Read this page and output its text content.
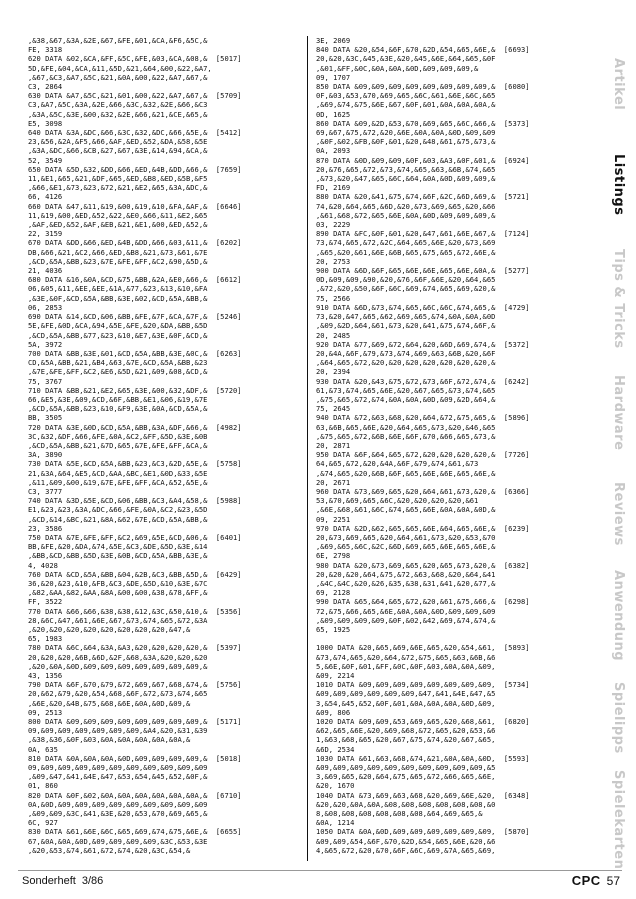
,&38,&67,&3A,&2E,&67,&FE,&01,&CA,&F6,&5C,&
FE, 3318
620 DATA &02,&CA,&FF,&5C,&FE,&03,&CA,&08,&  [5017]
5D,&FE,&04,&CA,&11,&5D,&21,&64,&00,&22,&A7,
,&67,&C3,&A7,&5C,&21,&0A,&00,&22,&A7,&67,&
C3, 2864
630 DATA &A7,&5C,&21,&01,&00,&22,&A7,&67,&  [5709]
C3,&A7,&5C,&3A,&2E,&66,&3C,&32,&2E,&66,&C3
,&3A,&5C,&3E,&00,&32,&2E,&66,&21,&CE,&65,&
E5, 3098
640 DATA &3A,&DC,&66,&3C,&32,&DC,&66,&5E,&  [5412]
23,&56,&2A,&F5,&66,&AF,&ED,&52,&DA,&58,&5E
,&3A,&DC,&66,&CB,&27,&67,&3E,&14,&94,&CA,&
52, 3549
650 DATA &5D,&32,&DD,&66,&ED,&4B,&DD,&66,&  [7659]
11,&E1,&65,&21,&DF,&65,&ED,&B8,&ED,&5B,&F5
,&66,&E1,&73,&23,&72,&21,&E2,&65,&3A,&DC,&
66, 4126
660 DATA &47,&11,&19,&00,&19,&10,&FA,&AF,&  [6646]
11,&19,&00,&ED,&52,&22,&E0,&66,&11,&E2,&65
,&AF,&ED,&52,&AF,&EB,&21,&E1,&00,&ED,&52,&
22, 3159
670 DATA &DD,&66,&ED,&4B,&DD,&66,&03,&11,&  [6202]
DB,&66,&21,&C2,&66,&ED,&B8,&21,&73,&61,&7E
,&CD,&5A,&BB,&23,&7E,&FE,&FF,&C2,&90,&5D,&
21, 4036
680 DATA &16,&0A,&CD,&75,&BB,&2A,&E0,&66,&  [6612]
06,&05,&11,&EE,&EE,&1A,&77,&23,&13,&10,&FA
,&3E,&0F,&CD,&5A,&BB,&3E,&02,&CD,&5A,&BB,&
06, 2853
690 DATA &14,&CD,&06,&BB,&FE,&7F,&CA,&7F,&  [5246]
5E,&FE,&0D,&CA,&94,&5E,&FE,&20,&DA,&BB,&5D
,&CD,&5A,&BB,&77,&23,&10,&E7,&3E,&0F,&CD,&
5A, 3972
700 DATA &BB,&3E,&01,&CD,&5A,&BB,&3E,&0C,&  [6263]
CD,&5A,&BB,&21,&B4,&63,&7E,&CD,&5A,&BB,&23
,&7E,&FE,&FF,&C2,&E6,&5D,&21,&09,&08,&CD,&
75, 3767
710 DATA &BB,&21,&E2,&65,&3E,&00,&32,&DF,&  [5720]
66,&E5,&3E,&09,&CD,&6F,&BB,&E1,&06,&19,&7E
,&CD,&5A,&BB,&23,&10,&F9,&3E,&0A,&CD,&5A,&
BB, 3505
720 DATA &3E,&0D,&CD,&5A,&BB,&3A,&DF,&66,&  [4982]
3C,&32,&DF,&66,&FE,&0A,&C2,&FF,&5D,&3E,&0B
,&CD,&5A,&BB,&21,&7D,&65,&7E,&FE,&FF,&CA,&
3A, 3890
730 DATA &5E,&CD,&5A,&BB,&23,&C3,&2D,&5E,&  [5758]
21,&3A,&64,&E5,&CD,&AA,&BC,&E1,&0D,&33,&5E
,&11,&09,&00,&19,&7E,&FE,&FF,&CA,&52,&5E,&
C3, 3777
740 DATA &3D,&5E,&CD,&06,&BB,&C3,&A4,&58,&  [5988]
E1,&23,&23,&3A,&DC,&66,&FE,&0A,&C2,&23,&5D
,&CD,&14,&BC,&21,&8A,&62,&7E,&CD,&5A,&BB,&
23, 3586
750 DATA &7E,&FE,&FF,&C2,&69,&5E,&CD,&06,&  [6401]
BB,&FE,&20,&DA,&74,&5E,&C3,&DE,&5D,&3E,&14
,&BB,&CD,&BB,&5D,&3E,&0B,&CD,&5A,&BB,&3E,&
4, 4028
760 DATA &CD,&5A,&BB,&04,&2B,&C3,&BB,&5D,&  [6429]
36,&20,&23,&10,&FB,&C3,&DE,&5D,&10,&3E,&7C
,&82,&AA,&82,&AA,&8A,&00,&00,&38,&78,&FF,&
FF, 3522
770 DATA &66,&66,&38,&38,&12,&3C,&50,&10,&  [5356]
28,&6C,&47,&61,&6E,&67,&73,&74,&65,&72,&3A
,&20,&20,&20,&20,&20,&20,&20,&20,&47,&
65, 1983
780 DATA &6C,&64,&3A,&A3,&20,&20,&20,&20,&  [5397]
20,&20,&20,&6B,&6D,&2F,&68,&3A,&20,&20,&20
,&20,&0A,&0D,&09,&09,&09,&09,&09,&09,&09,&
43, 1356
790 DATA &6F,&70,&79,&72,&69,&67,&68,&74,&  [5756]
20,&62,&79,&20,&54,&68,&6F,&72,&73,&74,&65
,&6E,&20,&4B,&75,&68,&6E,&0A,&0D,&09,&
09, 2513
800 DATA &09,&09,&09,&09,&09,&09,&09,&09,&  [5171]
09,&09,&09,&09,&09,&09,&09,&A4,&20,&31,&39
,&38,&36,&0F,&03,&0A,&0A,&0A,&0A,&0A,&
0A, 635
810 DATA &0A,&0A,&0A,&0D,&09,&09,&09,&09,&  [5018]
09,&09,&09,&09,&09,&09,&09,&09,&09,&09,&09
,&09,&47,&41,&4E,&47,&53,&54,&45,&52,&0F,&
01, 860
820 DATA &0F,&02,&0A,&0A,&0A,&0A,&0A,&0A,&  [6710]
0A,&0D,&09,&09,&09,&09,&09,&09,&09,&09,&09
,&09,&09,&3C,&41,&3E,&20,&53,&70,&69,&65,&
6C, 927
830 DATA &61,&6E,&6C,&65,&69,&74,&75,&6E,&  [6655]
67,&0A,&0A,&0D,&09,&09,&09,&09,&3C,&53,&3E
,&20,&53,&74,&61,&72,&74,&20,&3C,&54,&
3E, 2069
840 DATA &20,&54,&6F,&70,&2D,&54,&65,&6E,&  [6693]
20,&20,&3C,&45,&3E,&20,&45,&6E,&64,&65,&0F
,&01,&FF,&0C,&0A,&0A,&0D,&09,&09,&09,&
09, 1707
850 DATA &09,&09,&09,&09,&09,&09,&09,&09,&  [6080]
0F,&03,&53,&70,&69,&65,&6C,&61,&6E,&6C,&65
,&69,&74,&75,&6E,&67,&0F,&01,&0A,&0A,&0A,&
0D, 1625
860 DATA &09,&2D,&53,&70,&69,&65,&6C,&66,&  [5373]
69,&67,&75,&72,&20,&6E,&0A,&0A,&0D,&09,&09
,&0F,&02,&FB,&0F,&01,&20,&48,&61,&75,&73,&
0A, 2093
870 DATA &0D,&09,&09,&0F,&03,&A3,&0F,&01,&  [6924]
20,&76,&65,&72,&73,&74,&65,&63,&6B,&74,&65
,&73,&20,&47,&65,&6C,&64,&0A,&0D,&09,&09,&
FD, 2169
880 DATA &20,&41,&75,&74,&6F,&2C,&6D,&69,&  [5721]
74,&20,&64,&65,&6D,&20,&73,&69,&65,&20,&66
,&61,&68,&72,&65,&6E,&0A,&0D,&09,&09,&09,&
03, 2229
890 DATA &FC,&0F,&01,&20,&47,&61,&6E,&67,&  [7124]
73,&74,&65,&72,&2C,&64,&65,&6E,&20,&73,&69
,&65,&20,&61,&6E,&6B,&65,&75,&65,&72,&6E,&
20, 2753
900 DATA &6D,&6F,&65,&6E,&6E,&65,&6E,&0A,&  [5277]
0D,&09,&09,&90,&20,&76,&6F,&6E,&20,&64,&65
,&72,&20,&50,&6F,&6C,&69,&74,&65,&69,&20,&
75, 2566
910 DATA &6D,&73,&74,&65,&6C,&6C,&74,&65,&  [4729]
73,&20,&47,&65,&62,&69,&65,&74,&0A,&0A,&0D
,&09,&2D,&64,&61,&73,&20,&41,&75,&74,&6F,&
20, 2485
920 DATA &77,&69,&72,&64,&20,&6D,&69,&74,&  [5372]
20,&4A,&6F,&79,&73,&74,&69,&63,&6B,&20,&6F
,&64,&65,&72,&20,&20,&20,&20,&20,&20,&20,&
20, 2394
930 DATA &20,&43,&75,&72,&73,&6F,&72,&74,&  [6242]
61,&73,&74,&65,&6E,&20,&67,&65,&73,&74,&65
,&75,&65,&72,&74,&0A,&0A,&0D,&09,&2D,&64,&
75, 2645
940 DATA &72,&63,&68,&20,&64,&72,&75,&65,&  [5896]
63,&6B,&65,&6E,&20,&64,&65,&73,&20,&46,&65
,&75,&65,&72,&6B,&6E,&6F,&70,&66,&65,&73,&
20, 2871
950 DATA &6F,&64,&65,&72,&20,&20,&20,&20,&  [7726]
64,&65,&72,&20,&4A,&6F,&79,&74,&61,&73
,&74,&65,&20,&6B,&6F,&65,&6E,&6E,&65,&6E,&
20, 2671
960 DATA &73,&69,&65,&20,&64,&61,&73,&20,&  [6366]
53,&70,&69,&65,&6C,&20,&20,&20,&20,&61
,&6E,&68,&61,&6C,&74,&65,&6E,&0A,&0A,&0D,&
09, 2251
970 DATA &2D,&62,&65,&65,&6E,&64,&65,&6E,&  [6239]
20,&73,&69,&65,&20,&64,&61,&73,&20,&53,&70
,&69,&65,&6C,&2C,&6D,&69,&65,&6E,&65,&6E,&
6E, 2798
980 DATA &20,&73,&69,&65,&20,&65,&73,&20,&  [6382]
20,&20,&20,&64,&75,&72,&63,&68,&20,&64,&41
,&4C,&4C,&20,&26,&35,&38,&31,&41,&20,&77,&
69, 2128
990 DATA &65,&64,&65,&72,&20,&61,&75,&66,&  [6298]
72,&75,&66,&65,&6E,&0A,&0A,&0D,&09,&09,&09
,&09,&09,&09,&09,&0F,&02,&42,&69,&74,&74,&
65, 1925

1000 DATA &20,&65,&69,&6E,&65,&20,&54,&61,  [5893]
&73,&74,&65,&20,&64,&72,&75,&65,&63,&6B,&6
5,&6E,&0F,&01,&FF,&0C,&0F,&03,&0A,&0A,&09,
&09, 2214
1010 DATA &09,&09,&09,&09,&09,&09,&09,&09,  [5734]
&09,&09,&09,&09,&09,&09,&47,&41,&4E,&47,&5
3,&54,&45,&52,&0F,&01,&0A,&0A,&0A,&0D,&09,
&09, 806
1020 DATA &09,&09,&53,&69,&65,&20,&68,&61,  [6820]
&62,&65,&6E,&20,&69,&68,&72,&65,&20,&53,&6
1,&63,&68,&65,&20,&67,&75,&74,&20,&67,&65,
&6D, 2534
1030 DATA &61,&63,&68,&74,&21,&0A,&0A,&0D,  [5593]
&09,&09,&09,&09,&09,&09,&09,&09,&09,&09,&5
3,&69,&65,&20,&64,&75,&65,&72,&66,&65,&6E,
&20, 1670
1040 DATA &73,&69,&63,&68,&20,&69,&6E,&20,  [6348]
&20,&20,&0A,&0A,&08,&08,&08,&08,&08,&08,&0
8,&08,&08,&08,&08,&08,&08,&64,&69,&65,&
&0A, 1214
1050 DATA &0A,&0D,&09,&09,&09,&09,&09,&09,  [5870]
&09,&09,&54,&6F,&70,&2D,&54,&65,&6E,&20,&6
4,&65,&72,&20,&70,&6F,&6C,&69,&7A,&65,&69,
Artikel
Listings
Tips & Tricks
Hardware
Reviews
Anwendung
Spielipps
Spielekarten
Sonderheft 3/86	CPC 57
